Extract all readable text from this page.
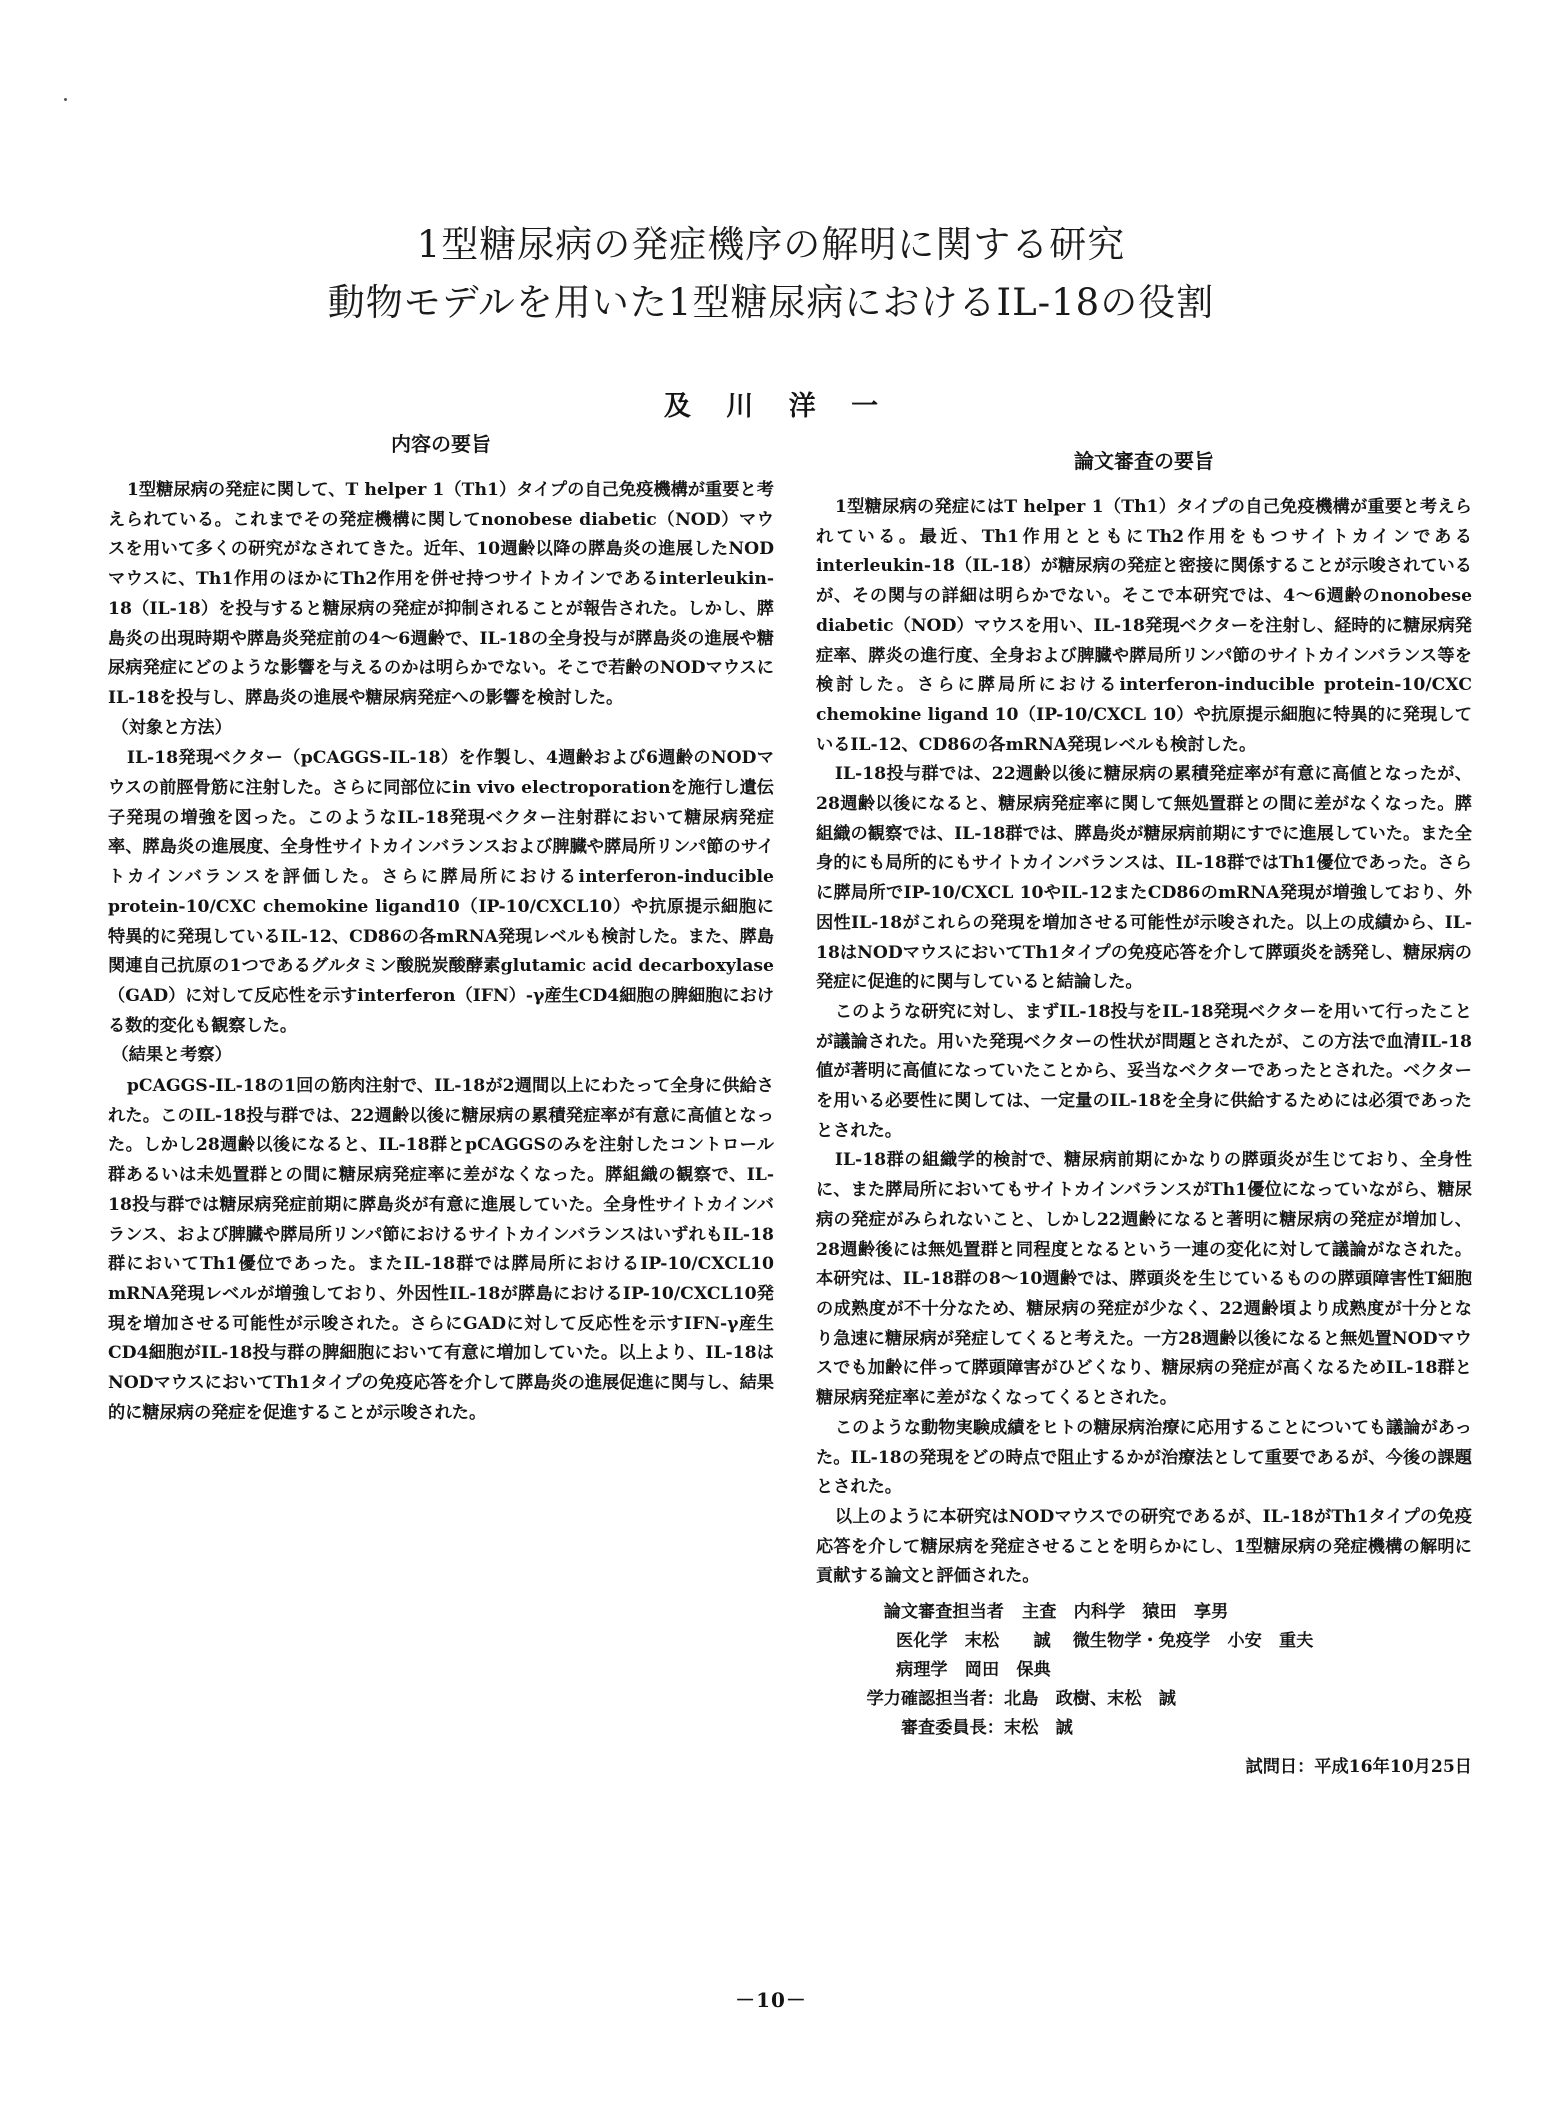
1型糖尿病の発症機序の解明に関する研究
動物モデルを用いた1型糖尿病におけるIL-18の役割
及 川 洋 一
内容の要旨

1型糖尿病の発症に関して、T helper 1（Th1）タイプの自己免疫機構が重要と考えられている。これまでその発症機構に関してnonobese diabetic（NOD）マウスを用いて多くの研究がなされてきた。近年、10週齢以降の膵島炎の進展したNODマウスに、Th1作用のほかにTh2作用を併せ持つサイトカインであるinterleukin-18（IL-18）を投与すると糖尿病の発症が抑制されることが報告された。しかし、膵島炎の出現時期や膵島炎発症前の4～6週齢で、IL-18の全身投与が膵島炎の進展や糖尿病発症にどのような影響を与えるのかは明らかでない。そこで若齢のNODマウスにIL-18を投与し、膵島炎の進展や糖尿病発症への影響を検討した。

（対象と方法）

IL-18発現ベクター（pCAGGS-IL-18）を作製し、4週齢および6週齢のNODマウスの前脛骨筋に注射した。さらに同部位にin vivo electroporationを施行し遺伝子発現の増強を図った。このようなIL-18発現ベクター注射群において糖尿病発症率、膵島炎の進展度、全身性サイトカインバランスおよび脾臓や膵局所リンパ節のサイトカインバランスを評価した。さらに膵局所におけるinterferon-inducible protein-10/CXC chemokine ligand10（IP-10/CXCL10）や抗原提示細胞に特異的に発現しているIL-12、CD86の各mRNA発現レベルも検討した。また、膵島関連自己抗原の1つであるグルタミン酸脱炭酸酵素glutamic acid decarboxylase（GAD）に対して反応性を示すinterferon（IFN）-γ産生CD4細胞の脾細胞における数的変化も観察した。

（結果と考察）

pCAGGS-IL-18の1回の筋肉注射で、IL-18が2週間以上にわたって全身に供給された。このIL-18投与群では、22週齢以後に糖尿病の累積発症率が有意に高値となった。しかし28週齢以後になると、IL-18群とpCAGGSのみを注射したコントロール群あるいは未処置群との間に糖尿病発症率に差がなくなった。膵組織の観察で、IL-18投与群では糖尿病発症前期に膵島炎が有意に進展していた。全身性サイトカインバランス、および脾臓や膵局所リンパ節におけるサイトカインバランスはいずれもIL-18群においてTh1優位であった。またIL-18群では膵局所におけるIP-10/CXCL10 mRNA発現レベルが増強しており、外因性IL-18が膵島におけるIP-10/CXCL10発現を増加させる可能性が示唆された。さらにGADに対して反応性を示すIFN-γ産生CD4細胞がIL-18投与群の脾細胞において有意に増加していた。以上より、IL-18はNODマウスにおいてTh1タイプの免疫応答を介して膵島炎の進展促進に関与し、結果的に糖尿病の発症を促進することが示唆された。

論文審査の要旨

1型糖尿病の発症にはT helper 1（Th1）タイプの自己免疫機構が重要と考えられている。最近、Th1作用とともにTh2作用をもつサイトカインであるinterleukin-18（IL-18）が糖尿病の発症と密接に関係することが示唆されているが、その関与の詳細は明らかでない。そこで本研究では、4～6週齢のnonobese diabetic（NOD）マウスを用い、IL-18発現ベクターを注射し、経時的に糖尿病発症率、膵炎の進行度、全身および脾臓や膵局所リンパ節のサイトカインバランス等を検討した。さらに膵局所におけるinterferon-inducible protein-10/CXC chemokine ligand 10（IP-10/CXCL 10）や抗原提示細胞に特異的に発現しているIL-12、CD86の各mRNA発現レベルも検討した。

IL-18投与群では、22週齢以後に糖尿病の累積発症率が有意に高値となったが、28週齢以後になると、糖尿病発症率に関して無処置群との間に差がなくなった。膵組織の観察では、IL-18群では、膵島炎が糖尿病前期にすでに進展していた。また全身的にも局所的にもサイトカインバランスは、IL-18群ではTh1優位であった。さらに膵局所でIP-10/CXCL 10やIL-12またCD86のmRNA発現が増強しており、外因性IL-18がこれらの発現を増加させる可能性が示唆された。以上の成績から、IL-18はNODマウスにおいてTh1タイプの免疫応答を介して膵頭炎を誘発し、糖尿病の発症に促進的に関与していると結論した。

このような研究に対し、まずIL-18投与をIL-18発現ベクターを用いて行ったことが議論された。用いた発現ベクターの性状が問題とされたが、この方法で血清IL-18値が著明に高値になっていたことから、妥当なベクターであったとされた。ベクターを用いる必要性に関しては、一定量のIL-18を全身に供給するためには必須であったとされた。

IL-18群の組織学的検討で、糖尿病前期にかなりの膵頭炎が生じており、全身性に、また膵局所においてもサイトカインバランスがTh1優位になっていながら、糖尿病の発症がみられないこと、しかし22週齢になると著明に糖尿病の発症が増加し、28週齢後には無処置群と同程度となるという一連の変化に対して議論がなされた。本研究は、IL-18群の8～10週齢では、膵頭炎を生じているものの膵頭障害性T細胞の成熟度が不十分なため、糖尿病の発症が少なく、22週齢頃より成熟度が十分となり急速に糖尿病が発症してくると考えた。一方28週齢以後になると無処置NODマウスでも加齢に伴って膵頭障害がひどくなり、糖尿病の発症が高くなるためIL-18群と糖尿病発症率に差がなくなってくるとされた。

このような動物実験成績をヒトの糖尿病治療に応用することについても議論があった。IL-18の発現をどの時点で阻止するかが治療法として重要であるが、今後の課題とされた。

以上のように本研究はNODマウスでの研究であるが、IL-18がTh1タイプの免疫応答を介して糖尿病を発症させることを明らかにし、1型糖尿病の発症機構の解明に貢献する論文と評価された。

論文審査担当者	主査　内科学　猿田　享男
医化学　末松　　誠 微生物学・免疫学　小安　重夫
病理学　岡田　保典
学力確認担当者： 北島　政樹、末松　誠
審査委員長： 末松　誠
試問日：平成16年10月25日
－10－
